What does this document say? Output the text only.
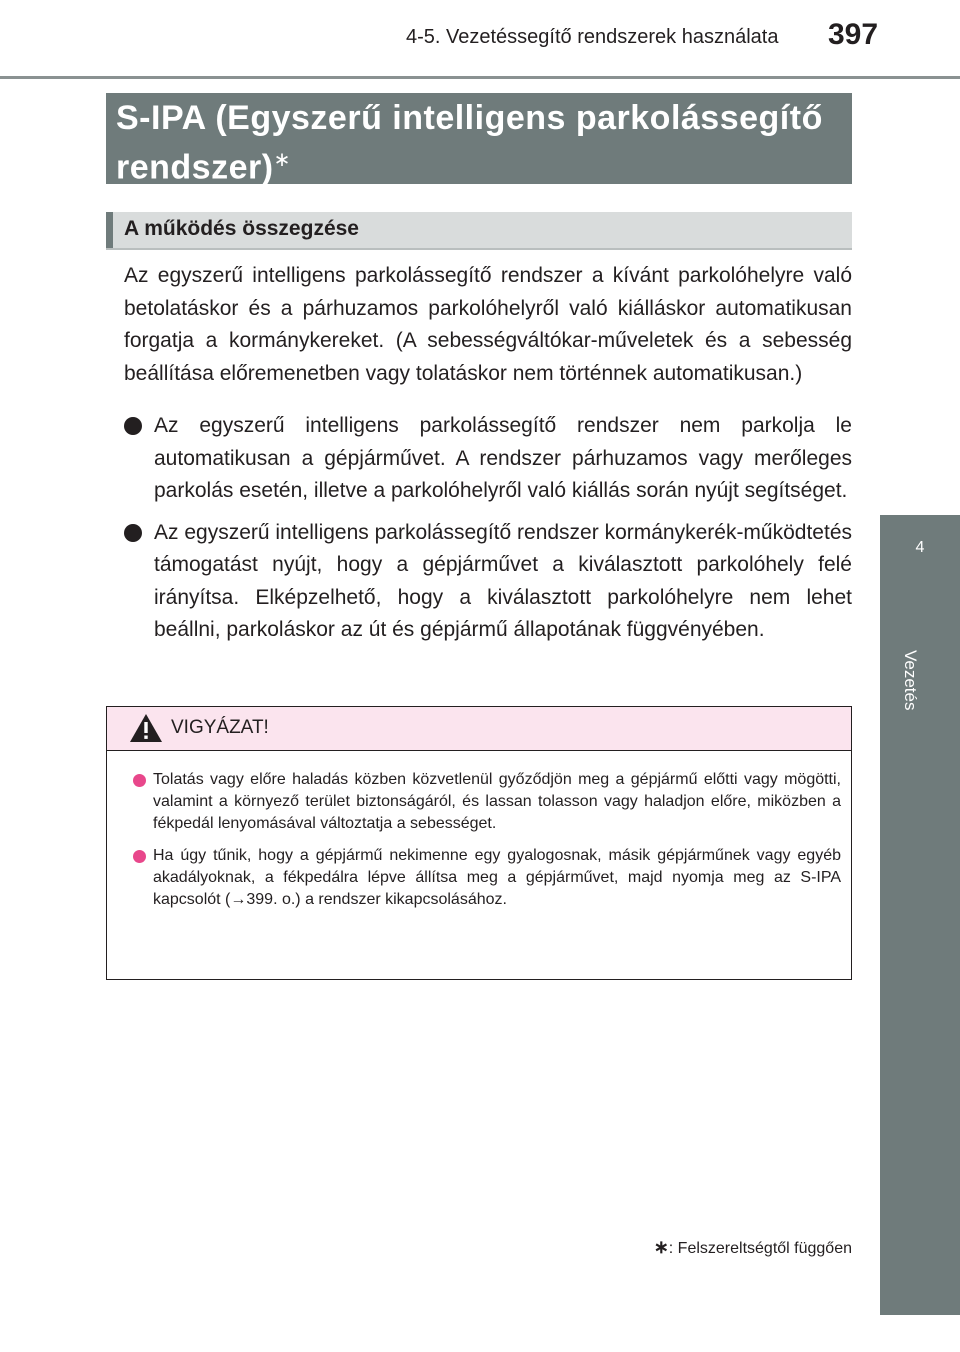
4-5. Vezetéssegítő rendszerek használata 397
4
Vezetés
S-IPA (Egyszerű intelligens parkolássegítő rendszer)∗
A működés összegzése
Az egyszerű intelligens parkolássegítő rendszer a kívánt parkolóhelyre való betolatáskor és a párhuzamos parkolóhelyről való kiálláskor automatikusan forgatja a kormánykereket. (A sebességváltókar-műveletek és a sebesség beállítása előremenetben vagy tolatáskor nem történnek automatikusan.)
Az egyszerű intelligens parkolássegítő rendszer nem parkolja le automatikusan a gépjárművet. A rendszer párhuzamos vagy merőleges parkolás esetén, illetve a parkolóhelyről való kiállás során nyújt segítséget.
Az egyszerű intelligens parkolássegítő rendszer kormánykerék-működtetés támogatást nyújt, hogy a gépjárművet a kiválasztott parkolóhely felé irányítsa. Elképzelhető, hogy a kiválasztott parkolóhelyre nem lehet beállni, parkoláskor az út és gépjármű állapotának függvényében.
VIGYÁZAT!
Tolatás vagy előre haladás közben közvetlenül győződjön meg a gépjármű előtti vagy mögötti, valamint a környező terület biztonságáról, és lassan tolasson vagy haladjon előre, miközben a fékpedál lenyomásával változtatja a sebességet.
Ha úgy tűnik, hogy a gépjármű nekimenne egy gyalogosnak, másik gépjárműnek vagy egyéb akadályoknak, a fékpedálra lépve állítsa meg a gépjárművet, majd nyomja meg az S-IPA kapcsolót (→399. o.) a rendszer kikapcsolásához.
∗: Felszereltségtől függően
